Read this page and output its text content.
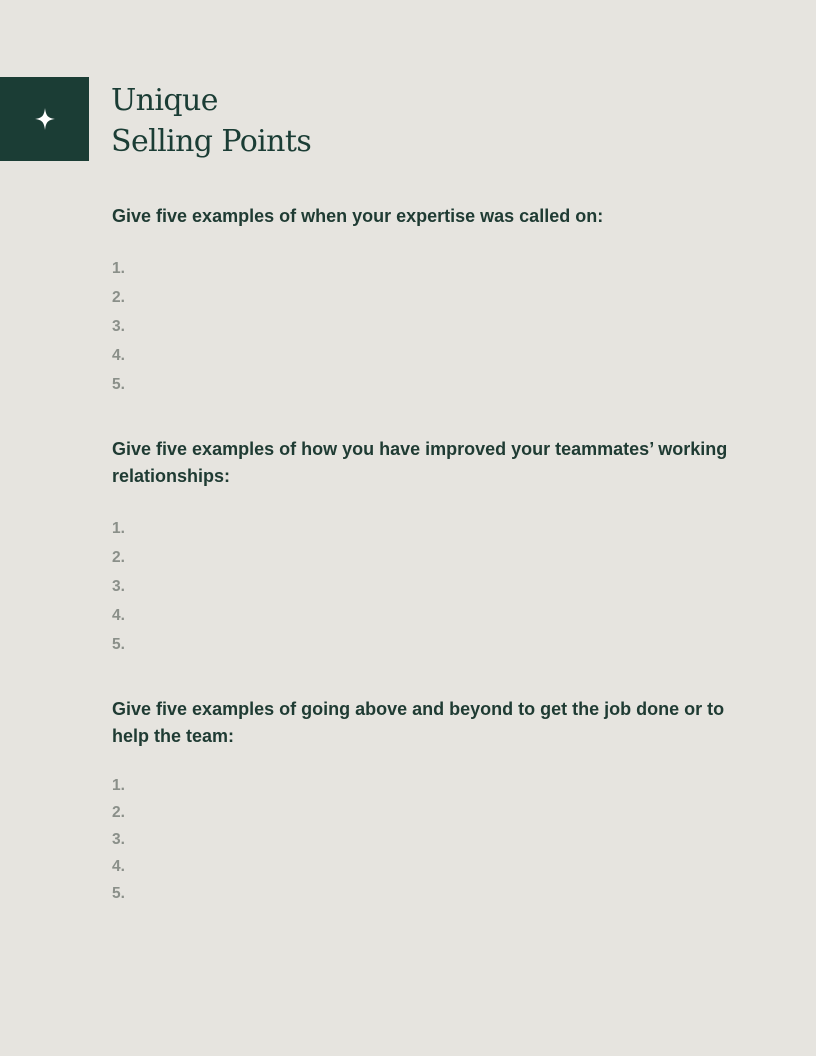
Unique
Selling Points

Give five examples of when your expertise was called on:

1.
2.
3.
4.
5.

Give five examples of how you have improved your teammates’ working relationships:

1.
2.
3.
4.
5.

Give five examples of going above and beyond to get the job done or to help the team:

1.
2.
3.
4.
5.
